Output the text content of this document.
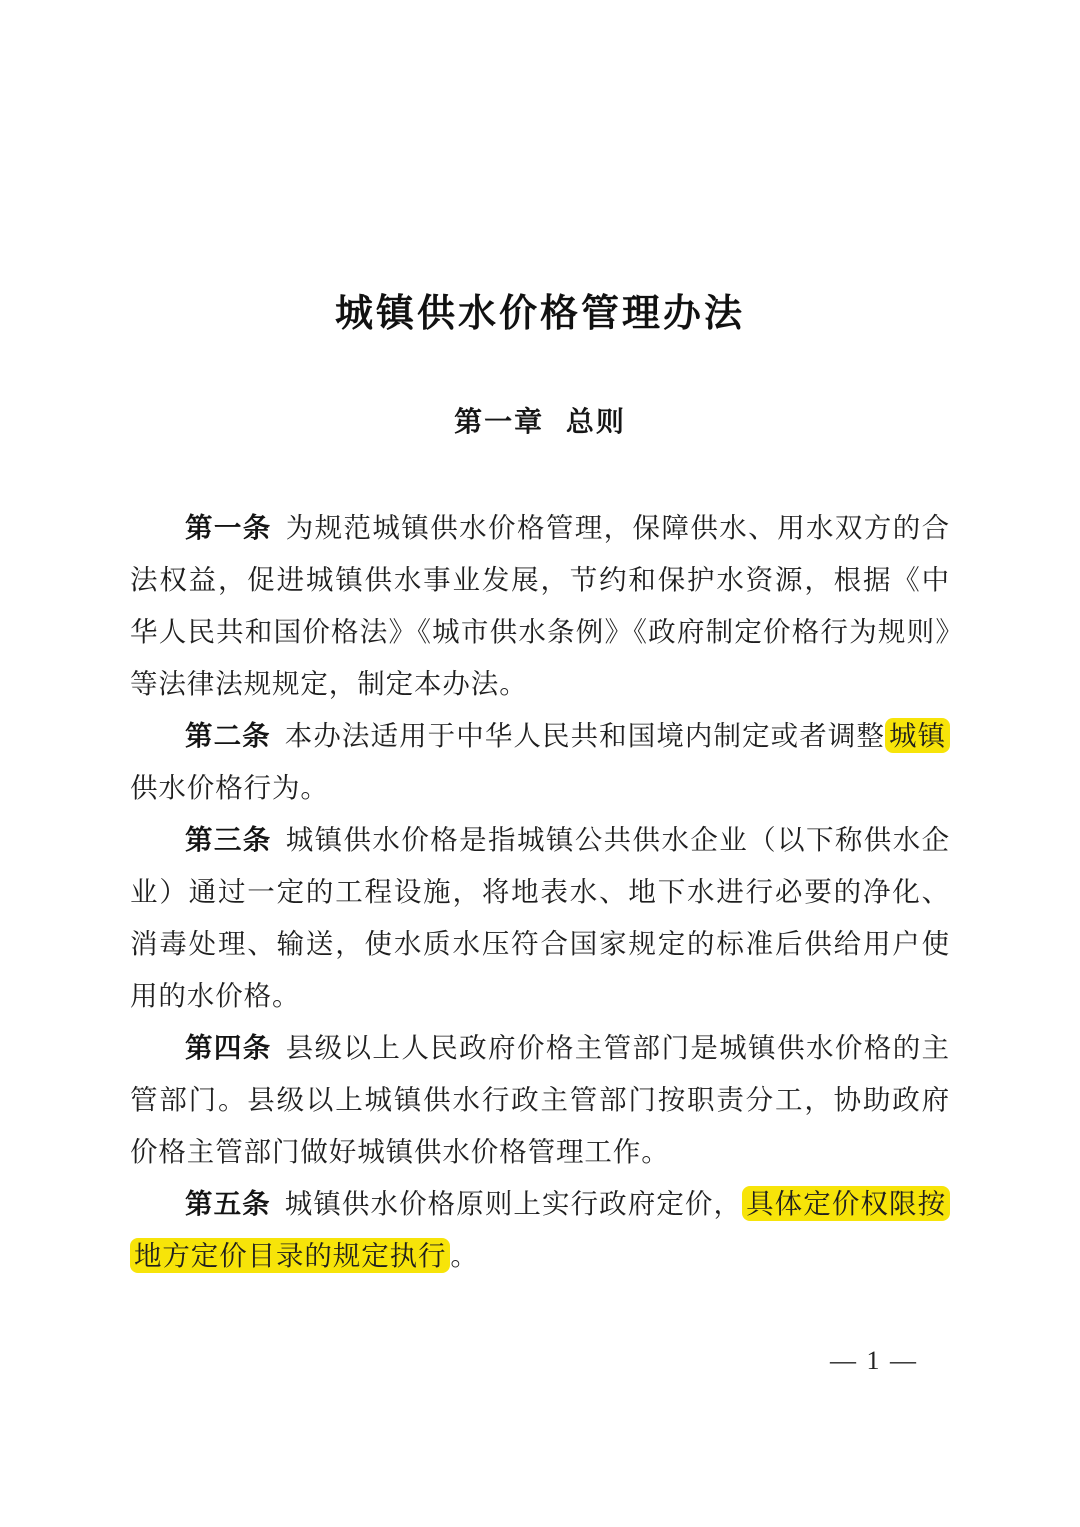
城镇供水价格管理办法
第一章 总则

第一条 为规范城镇供水价格管理，保障供水、用水双方的合法权益，促进城镇供水事业发展，节约和保护水资源，根据《中华人民共和国价格法》《城市供水条例》《政府制定价格行为规则》等法律法规规定，制定本办法。

第二条 本办法适用于中华人民共和国境内制定或者调整 城镇供水价格行为。

第三条 城镇供水价格是指城镇公共供水企业（以下称供水企业）通过一定的工程设施，将地表水、地下水进行必要的净化、消毒处理、输送，使水质水压符合国家规定的标准后供给用户使用的水价格。

第四条 县级以上人民政府价格主管部门是城镇供水价格的主管部门。县级以上城镇供水行政主管部门按职责分工，协助政府价格主管部门做好城镇供水价格管理工作。

第五条 城镇供水价格原则上实行政府定价， 具体定价权限按地方定价目录的规定执行 。

— 1 —
